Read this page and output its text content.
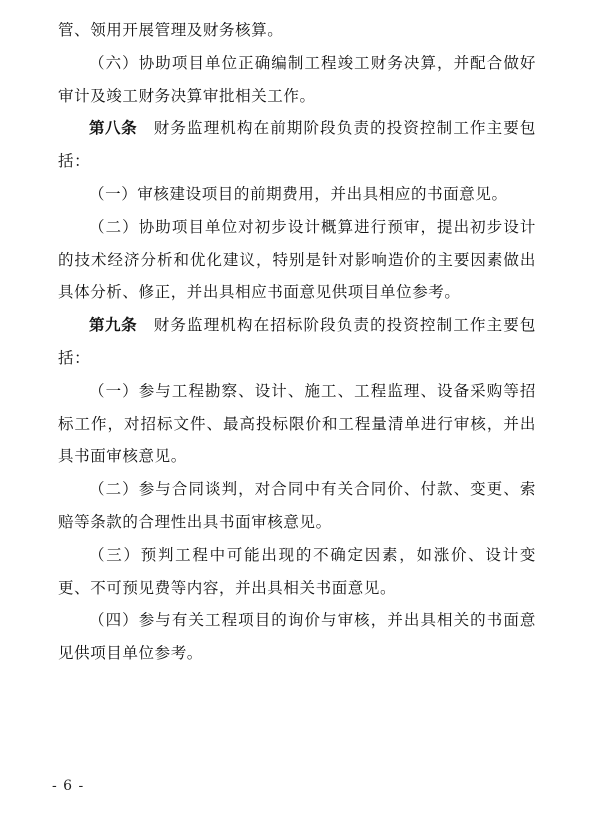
管、领用开展管理及财务核算。

（六）协助项目单位正确编制工程竣工财务决算，并配合做好审计及竣工财务决算审批相关工作。

第八条　财务监理机构在前期阶段负责的投资控制工作主要包括：

（一）审核建设项目的前期费用，并出具相应的书面意见。

（二）协助项目单位对初步设计概算进行预审，提出初步设计的技术经济分析和优化建议，特别是针对影响造价的主要因素做出具体分析、修正，并出具相应书面意见供项目单位参考。

第九条　财务监理机构在招标阶段负责的投资控制工作主要包括：

（一）参与工程勘察、设计、施工、工程监理、设备采购等招标工作，对招标文件、最高投标限价和工程量清单进行审核，并出具书面审核意见。

（二）参与合同谈判，对合同中有关合同价、付款、变更、索赔等条款的合理性出具书面审核意见。

（三）预判工程中可能出现的不确定因素，如涨价、设计变更、不可预见费等内容，并出具相关书面意见。

（四）参与有关工程项目的询价与审核，并出具相关的书面意见供项目单位参考。

- 6 -
